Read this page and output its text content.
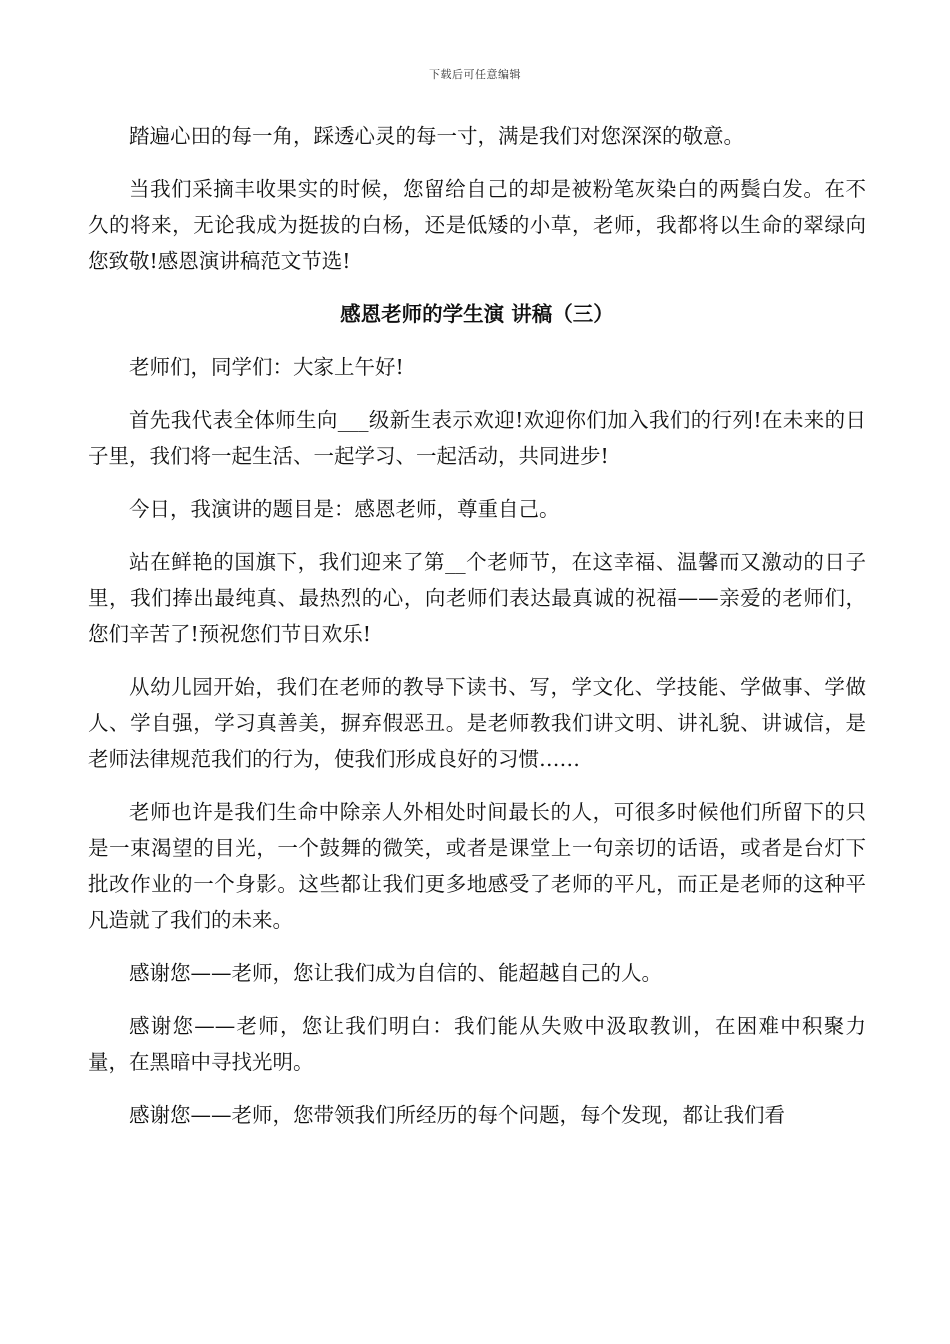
下载后可任意编辑

踏遍心田的每一角，踩透心灵的每一寸，满是我们对您深深的敬意。

当我们采摘丰收果实的时候，您留给自己的却是被粉笔灰染白的两鬓白发。在不久的将来，无论我成为挺拔的白杨，还是低矮的小草，老师，我都将以生命的翠绿向您致敬!感恩演讲稿范文节选!

感恩老师的学生演 讲稿（三）

老师们，同学们：大家上午好!

首先我代表全体师生向___级新生表示欢迎!欢迎你们加入我们的行列!在未来的日子里，我们将一起生活、一起学习、一起活动，共同进步!

今日，我演讲的题目是：感恩老师，尊重自己。

站在鲜艳的国旗下，我们迎来了第__个老师节，在这幸福、温馨而又激动的日子里，我们捧出最纯真、最热烈的心，向老师们表达最真诚的祝福——亲爱的老师们，您们辛苦了!预祝您们节日欢乐!

从幼儿园开始，我们在老师的教导下读书、写，学文化、学技能、学做事、学做人、学自强，学习真善美，摒弃假恶丑。是老师教我们讲文明、讲礼貌、讲诚信，是老师法律规范我们的行为，使我们形成良好的习惯……

老师也许是我们生命中除亲人外相处时间最长的人，可很多时候他们所留下的只是一束渴望的目光，一个鼓舞的微笑，或者是课堂上一句亲切的话语，或者是台灯下批改作业的一个身影。这些都让我们更多地感受了老师的平凡，而正是老师的这种平凡造就了我们的未来。

感谢您——老师，您让我们成为自信的、能超越自己的人。

感谢您——老师，您让我们明白：我们能从失败中汲取教训，在困难中积聚力量，在黑暗中寻找光明。

感谢您——老师，您带领我们所经历的每个问题，每个发现，都让我们看
